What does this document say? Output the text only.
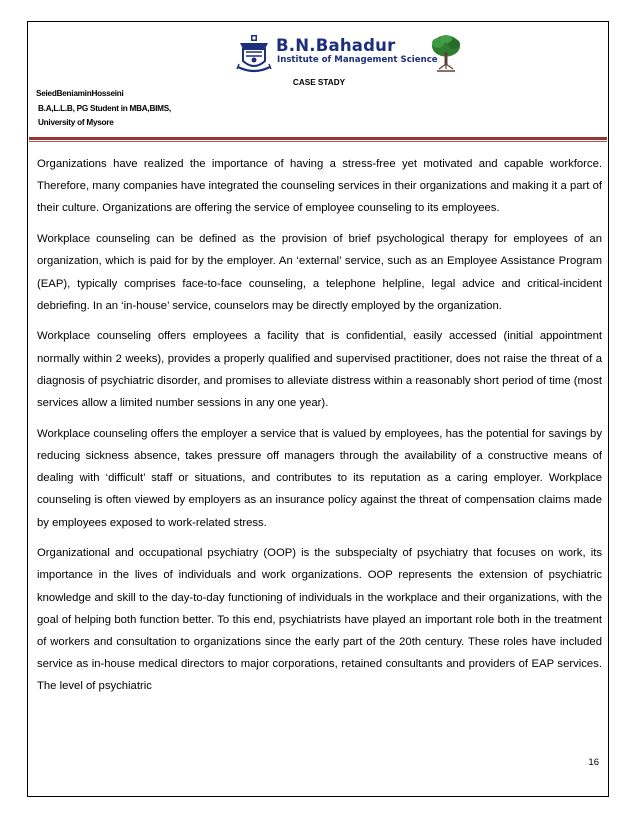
B.N.Bahadur
Institute of Management Science
CASE STADY
SeiedBeniaminHosseini
B.A,L.L.B, PG Student in MBA,BIMS,
University of Mysore

Organizations have realized the importance of having a stress-free yet motivated and capable workforce. Therefore, many companies have integrated the counseling services in their organizations and making it a part of their culture. Organizations are offering the service of employee counseling to its employees.

Workplace counseling can be defined as the provision of brief psychological therapy for employees of an organization, which is paid for by the employer. An ‘external’ service, such as an Employee Assistance Program (EAP), typically comprises face-to-face counseling, a telephone helpline, legal advice and critical-incident debriefing. In an ‘in-house’ service, counselors may be directly employed by the organization.

Workplace counseling offers employees a facility that is confidential, easily accessed (initial appointment normally within 2 weeks), provides a properly qualified and supervised practitioner, does not raise the threat of a diagnosis of psychiatric disorder, and promises to alleviate distress within a reasonably short period of time (most services allow a limited number sessions in any one year).

Workplace counseling offers the employer a service that is valued by employees, has the potential for savings by reducing sickness absence, takes pressure off managers through the availability of a constructive means of dealing with ‘difficult’ staff or situations, and contributes to its reputation as a caring employer. Workplace counseling is often viewed by employers as an insurance policy against the threat of compensation claims made by employees exposed to work-related stress.

Organizational and occupational psychiatry (OOP) is the subspecialty of psychiatry that focuses on work, its importance in the lives of individuals and work organizations. OOP represents the extension of psychiatric knowledge and skill to the day-to-day functioning of individuals in the workplace and their organizations, with the goal of helping both function better. To this end, psychiatrists have played an important role both in the treatment of workers and consultation to organizations since the early part of the 20th century. These roles have included service as in-house medical directors to major corporations, retained consultants and providers of EAP services. The level of psychiatric

16
